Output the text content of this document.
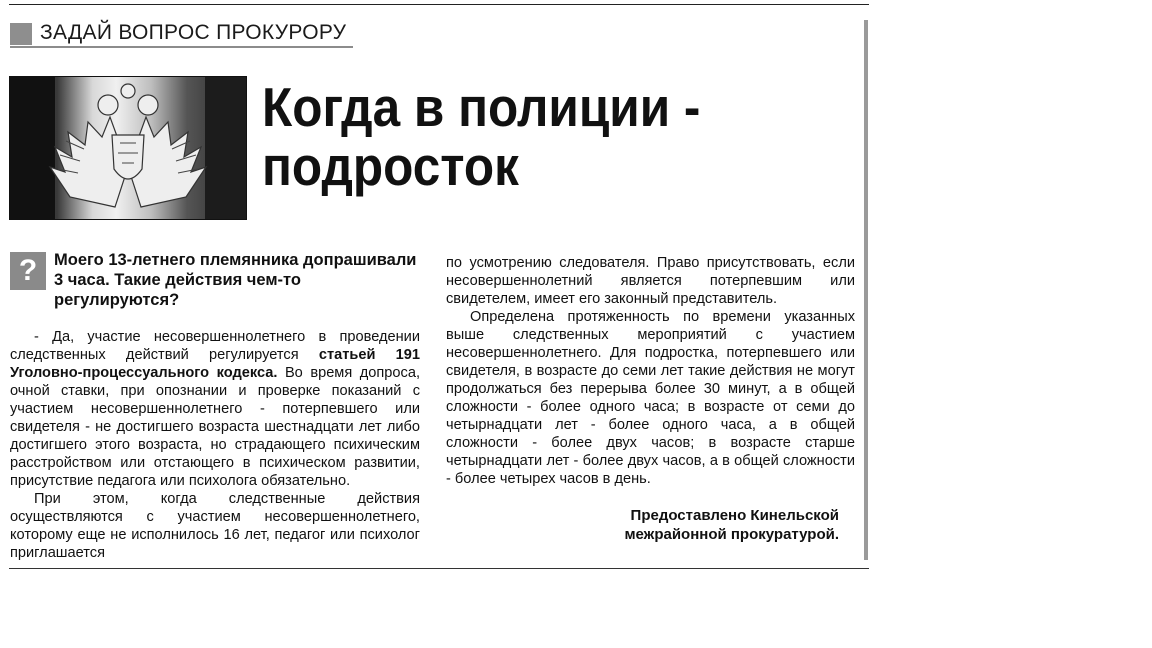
ЗАДАЙ ВОПРОС ПРОКУРОРУ
Когда в полиции -
подросток
?	Моего 13-летнего племянника допрашивали 3 часа. Такие действия чем-то регулируются?

- Да, участие несовершеннолетнего в проведении следственных действий регулируется статьей 191 Уголовно-процессуального кодекса. Во время допроса, очной ставки, при опознании и проверке показаний с участием несовершеннолетнего - потерпевшего или свидетеля - не достигшего возраста шестнадцати лет либо достигшего этого возраста, но страдающего психическим расстройством или отстающего в психическом развитии, присутствие педагога или психолога обязательно.

При этом, когда следственные действия осуществляются с участием несовершеннолетнего, которому еще не исполнилось 16 лет, педагог или психолог приглашается

по усмотрению следователя. Право присутствовать, если несовершеннолетний является потерпевшим или свидетелем, имеет его законный представитель.

Определена протяженность по времени указанных выше следственных мероприятий с участием несовершеннолетнего. Для подростка, потерпевшего или свидетеля, в возрасте до семи лет такие действия не могут продолжаться без перерыва более 30 минут, а в общей сложности - более одного часа; в возрасте от семи до четырнадцати лет - более одного часа, а в общей сложности - более двух часов; в возрасте старше четырнадцати лет - более двух часов, а в общей сложности - более четырех часов в день.

Предоставлено Кинельской
межрайонной прокуратурой.
